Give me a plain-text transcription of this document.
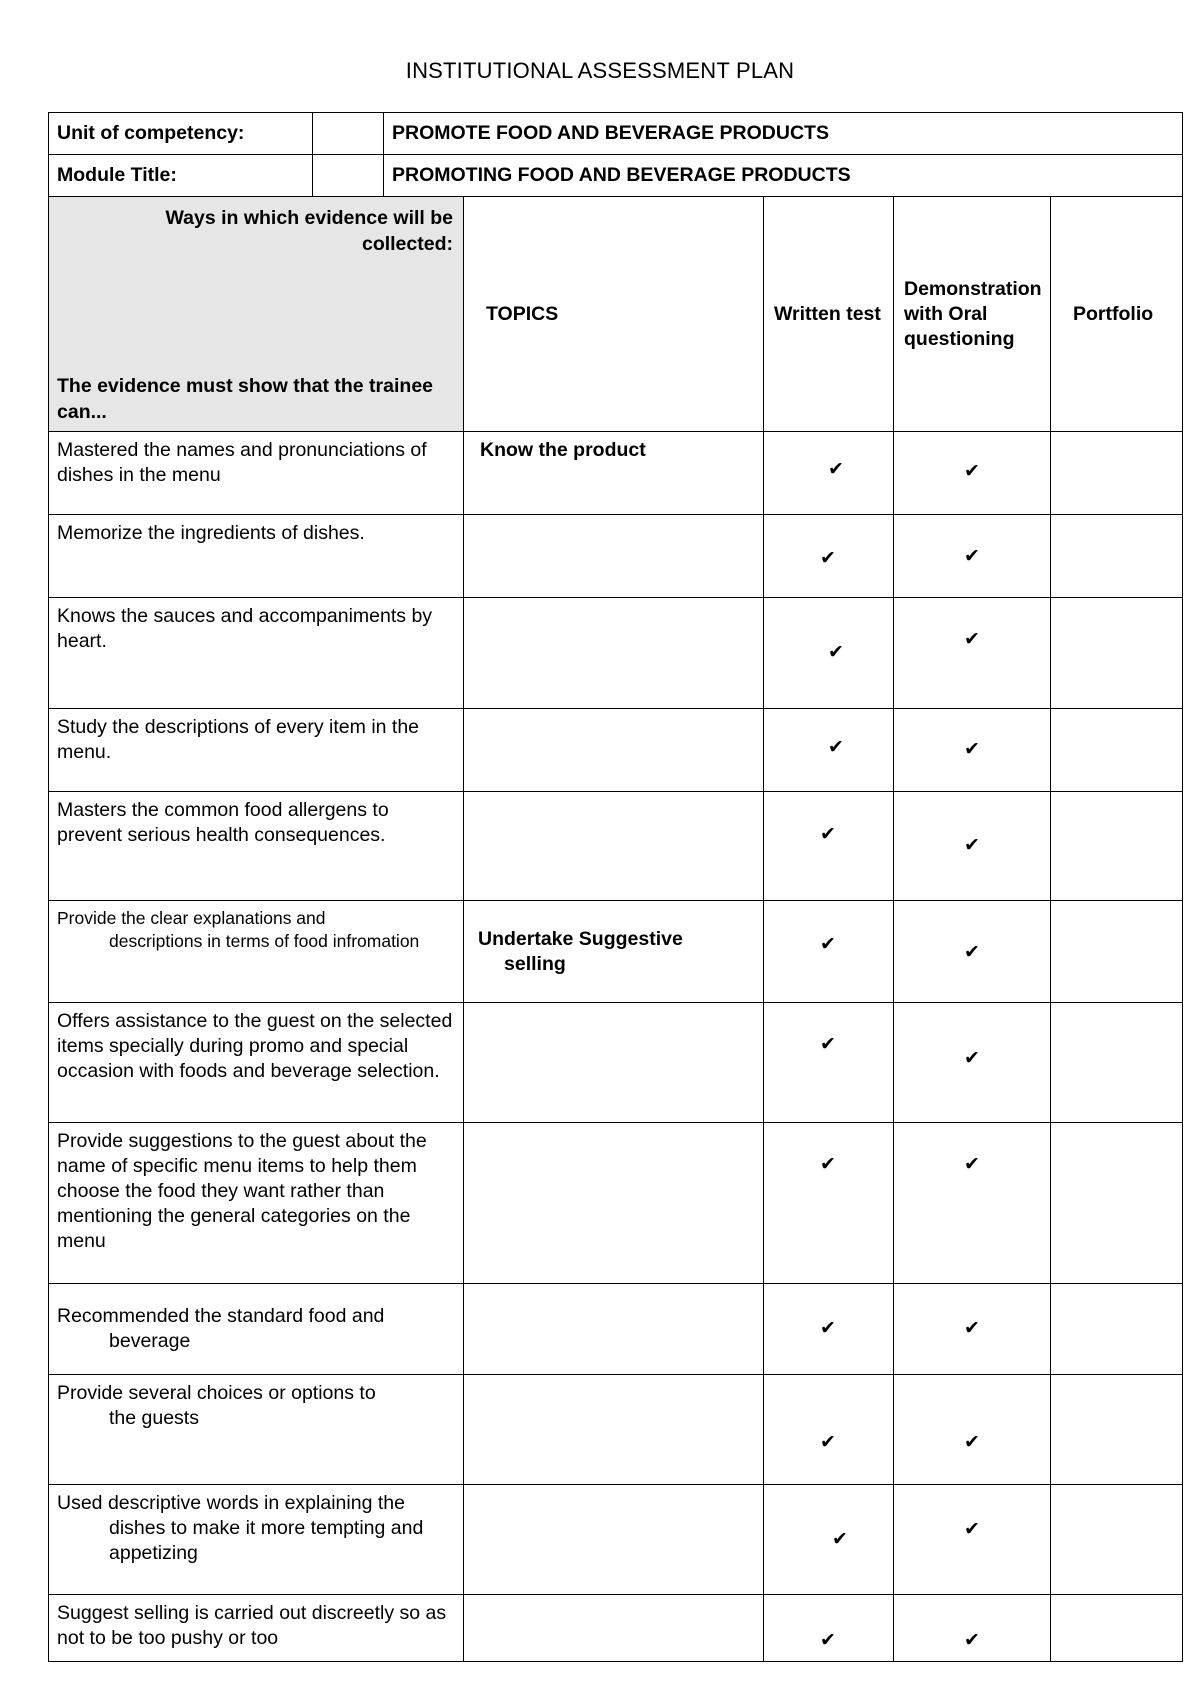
INSTITUTIONAL ASSESSMENT PLAN
Unit of competency:		PROMOTE FOOD AND BEVERAGE PRODUCTS				
Module Title:		PROMOTING FOOD AND BEVERAGE PRODUCTS				

Ways in which evidence will be collected:
The evidence must show that the trainee can...			TOPICS	Written test	Demonstration with Oral questioning	Portfolio
Mastered the names and pronunciations of dishes in the menu			Know the product	✔	✔	

Memorize the ingredients of dishes.				✔	✔	

Knows the sauces and accompaniments by heart.				✔	✔	

Study the descriptions of every item in the menu.				✔	✔	

Masters the common food allergens to prevent serious health consequences.				✔	✔	

Provide the clear explanations and
descriptions in terms of food infromation			Undertake Suggestive
selling	✔	✔	

Offers assistance to the guest on the selected items specially during promo and special occasion with foods and beverage selection.				✔	✔	

Provide suggestions to the guest about the name of specific menu items to help them choose the food they want rather than mentioning the general categories on the menu				✔	✔	

Recommended the standard food and
beverage				✔	✔	

Provide several choices or options to
the guests				✔	✔	

Used descriptive words in explaining the
dishes to make it more tempting and appetizing				✔	✔	

Suggest selling is carried out discreetly so as not to be too pushy or too				✔	✔	
